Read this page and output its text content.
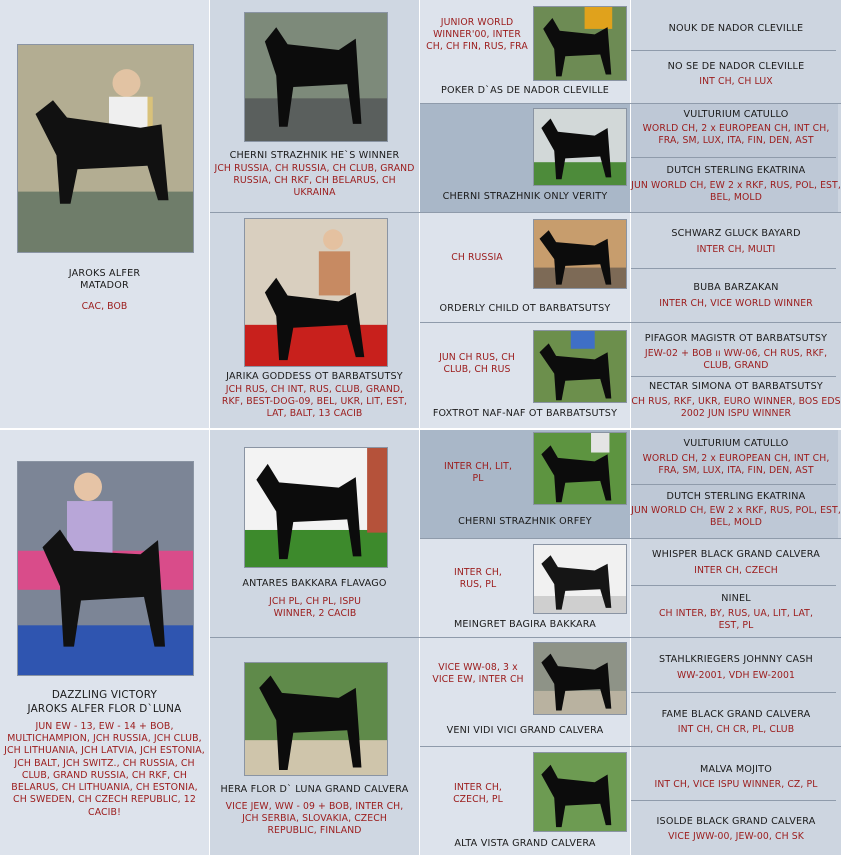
JAROKS ALFER
MATADOR
CAC, BOB
DAZZLING VICTORY
JAROKS ALFER FLOR D`LUNA
JUN EW - 13, EW - 14 + BOB, MULTICHAMPION, JCH RUSSIA, JCH CLUB, JCH LITHUANIA, JCH LATVIA, JCH ESTONIA, JCH BALT, JCH SWITZ., CH RUSSIA, CH CLUB, GRAND RUSSIA, CH RKF, CH BELARUS, CH LITHUANIA, CH ESTONIA, CH SWEDEN, CH CZECH REPUBLIC, 12 CACIB!
CHERNI STRAZHNIK HE`S WINNER
JCH RUSSIA, CH RUSSIA, CH CLUB, GRAND RUSSIA, CH RKF, CH BELARUS, CH UKRAINA
JARIKA GODDESS OT BARBATSUTSY
JCH RUS, CH INT, RUS, CLUB, GRAND, RKF, BEST-DOG-09, BEL, UKR, LIT, EST, LAT, BALT, 13 CACIB
ANTARES BAKKARA FLAVAGO
JCH PL, CH PL, ISPU WINNER, 2 CACIB
HERA FLOR D` LUNA GRAND CALVERA
VICE JEW, WW - 09 + BOB, INTER CH, JCH SERBIA, SLOVAKIA, CZECH REPUBLIC, FINLAND
JUNIOR WORLD WINNER'00, INTER CH, CH FIN, RUS, FRA
POKER D`AS DE NADOR CLEVILLE
CHERNI STRAZHNIK ONLY VERITY
CH RUSSIA
ORDERLY CHILD OT BARBATSUTSY
JUN CH RUS, CH CLUB, CH RUS
FOXTROT NAF-NAF OT BARBATSUTSY
INTER CH, LIT, PL
CHERNI STRAZHNIK ORFEY
INTER CH, RUS, PL
MEINGRET BAGIRA BAKKARA
VICE WW-08, 3 x VICE EW, INTER CH
VENI VIDI VICI GRAND CALVERA
INTER CH, CZECH, PL
ALTA VISTA GRAND CALVERA
NOUK DE NADOR CLEVILLE
NO SE DE NADOR CLEVILLE
INT CH, CH LUX
VULTURIUM CATULLO
WORLD CH, 2 x EUROPEAN CH, INT CH, FRA, SM, LUX, ITA, FIN, DEN, AST
DUTCH STERLING EKATRINA
JUN WORLD CH, EW 2 x RKF, RUS, POL, EST, BEL, MOLD
SCHWARZ GLUCK BAYARD
INTER CH, MULTI
BUBA BARZAKAN
INTER CH, VICE WORLD WINNER
PIFAGOR MAGISTR OT BARBATSUTSY
JEW-02 + BOB ıı WW-06, CH RUS, RKF, CLUB, GRAND
NECTAR SIMONA OT BARBATSUTSY
CH RUS, RKF, UKR, EURO WINNER, BOS EDS 2002 JUN ISPU WINNER
VULTURIUM CATULLO
WORLD CH, 2 x EUROPEAN CH, INT CH, FRA, SM, LUX, ITA, FIN, DEN, AST
DUTCH STERLING EKATRINA
JUN WORLD CH, EW 2 x RKF, RUS, POL, EST, BEL, MOLD
WHISPER BLACK GRAND CALVERA
INTER CH, CZECH
NINEL
CH INTER, BY, RUS, UA, LIT, LAT, EST, PL
STAHLKRIEGERS JOHNNY CASH
WW-2001, VDH EW-2001
FAME BLACK GRAND CALVERA
INT CH, CH CR, PL, CLUB
MALVA MOJITO
INT CH, VICE ISPU WINNER, CZ, PL
ISOLDE BLACK GRAND CALVERA
VICE JWW-00, JEW-00, CH SK
